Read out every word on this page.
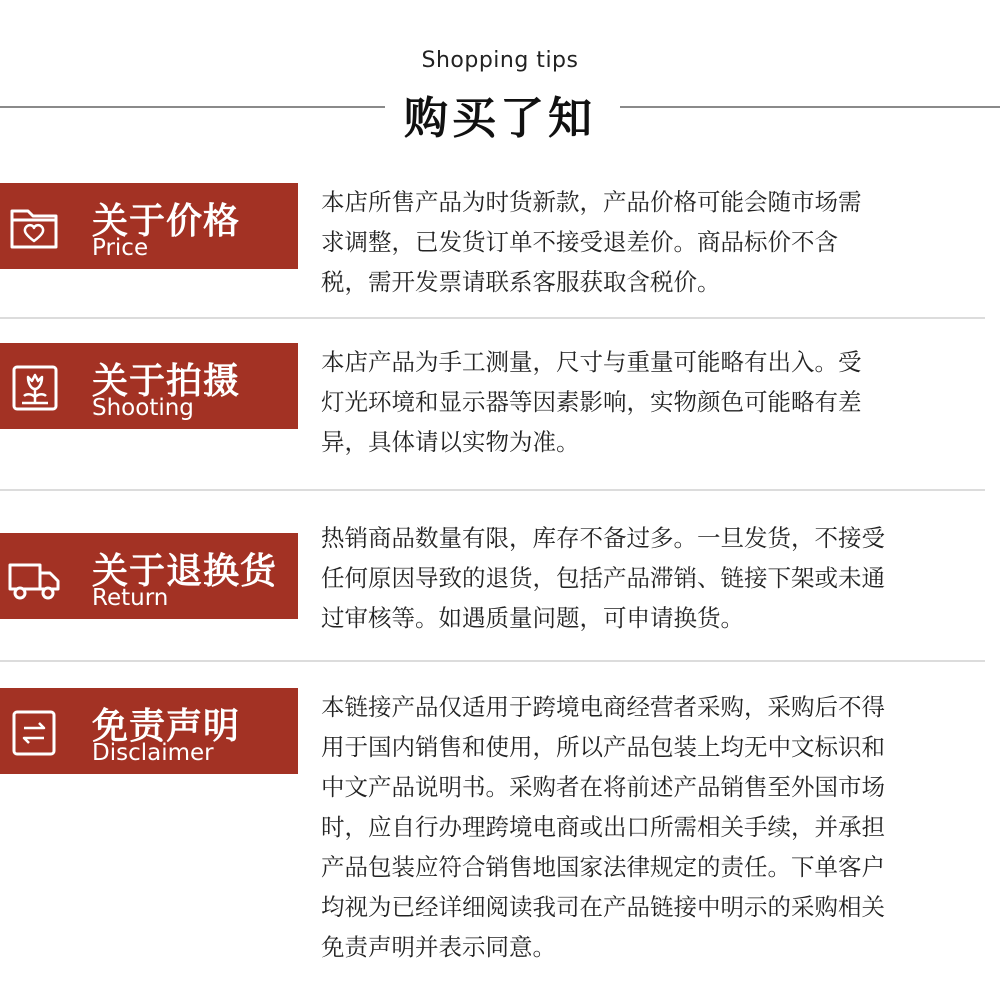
Shopping tips
购买了知
关于价格
Price
本店所售产品为时货新款，产品价格可能会随市场需
求调整，已发货订单不接受退差价。商品标价不含
税，需开发票请联系客服获取含税价。
关于拍摄
Shooting
本店产品为手工测量，尺寸与重量可能略有出入。受
灯光环境和显示器等因素影响，实物颜色可能略有差
异，具体请以实物为准。
关于退换货
Return
热销商品数量有限，库存不备过多。一旦发货，不接受
任何原因导致的退货，包括产品滞销、链接下架或未通
过审核等。如遇质量问题，可申请换货。
免责声明
Disclaimer
本链接产品仅适用于跨境电商经营者采购，采购后不得
用于国内销售和使用，所以产品包装上均无中文标识和
中文产品说明书。采购者在将前述产品销售至外国市场
时，应自行办理跨境电商或出口所需相关手续，并承担
产品包装应符合销售地国家法律规定的责任。下单客户
均视为已经详细阅读我司在产品链接中明示的采购相关
免责声明并表示同意。
